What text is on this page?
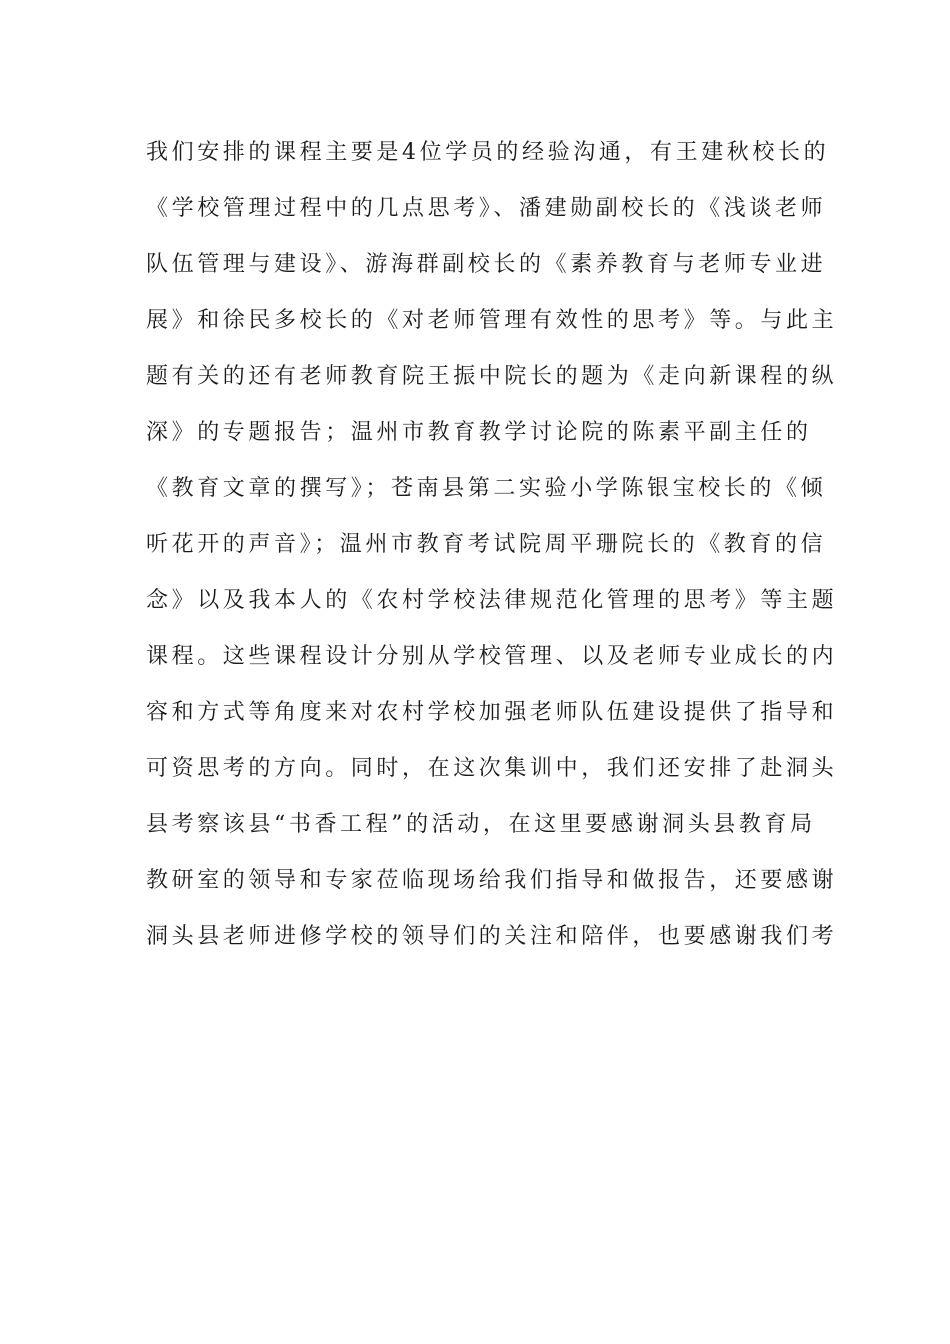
我们安排的课程主要是4位学员的经验沟通，有王建秋校长的
《学校管理过程中的几点思考》、潘建勋副校长的《浅谈老师
队伍管理与建设》、游海群副校长的《素养教育与老师专业进
展》和徐民多校长的《对老师管理有效性的思考》等。与此主
题有关的还有老师教育院王振中院长的题为《走向新课程的纵
深》的专题报告；温州市教育教学讨论院的陈素平副主任的
《教育文章的撰写》；苍南县第二实验小学陈银宝校长的《倾
听花开的声音》；温州市教育考试院周平珊院长的《教育的信
念》以及我本人的《农村学校法律规范化管理的思考》等主题
课程。这些课程设计分别从学校管理、以及老师专业成长的内
容和方式等角度来对农村学校加强老师队伍建设提供了指导和
可资思考的方向。同时，在这次集训中，我们还安排了赴洞头
县考察该县“书香工程”的活动，在这里要感谢洞头县教育局
教研室的领导和专家莅临现场给我们指导和做报告，还要感谢
洞头县老师进修学校的领导们的关注和陪伴，也要感谢我们考
